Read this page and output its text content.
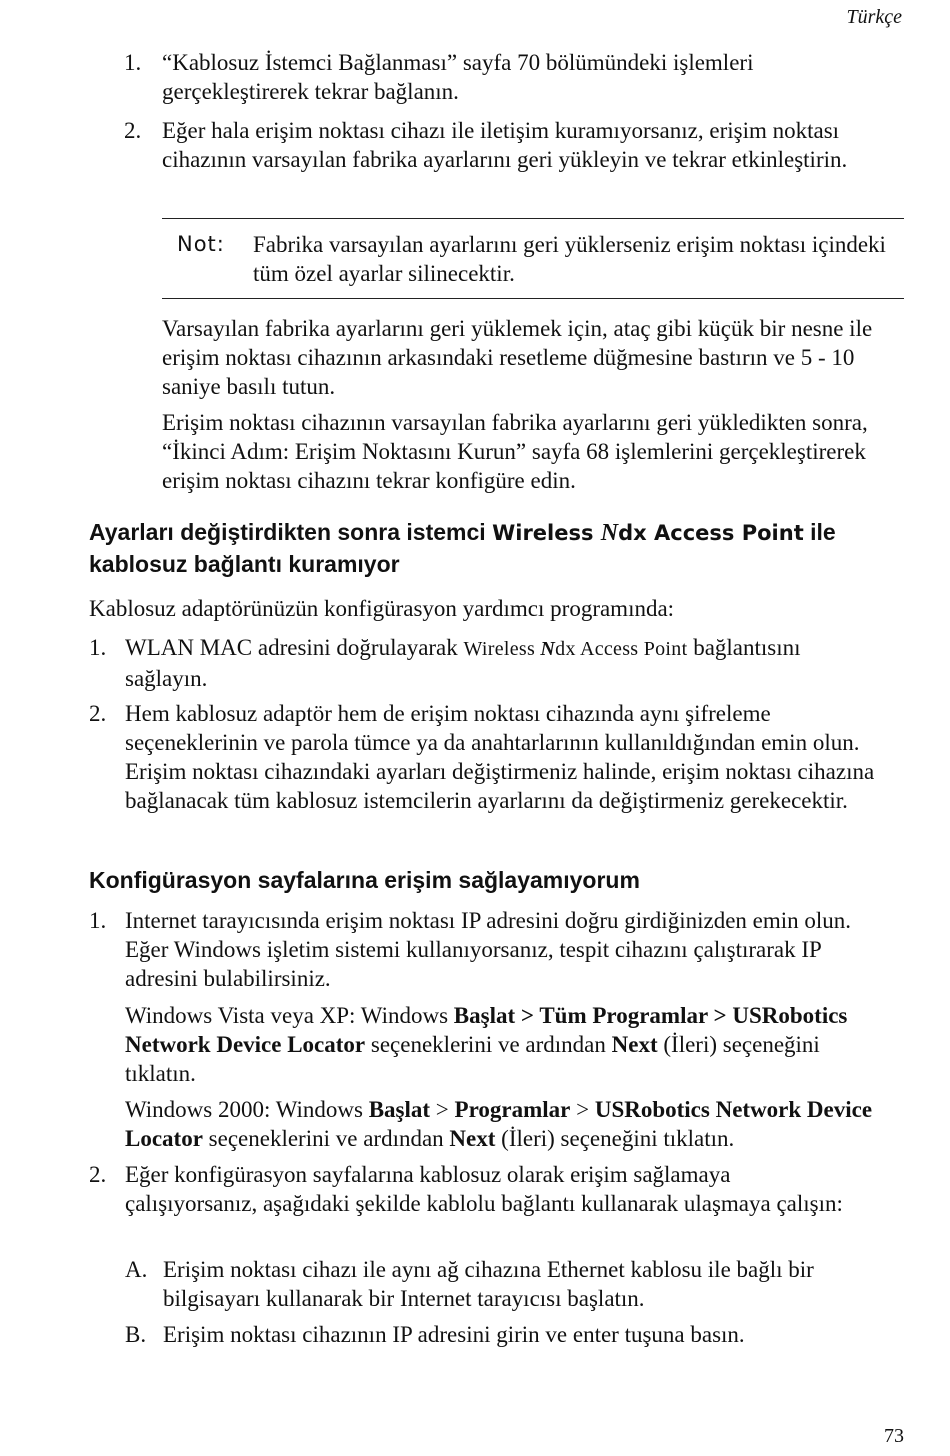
Türkçe
1. “Kablosuz İstemci Bağlanması” sayfa 70 bölümündeki işlemleri gerçekleştirerek tekrar bağlanın.
2. Eğer hala erişim noktası cihazı ile iletişim kuramıyorsanız, erişim noktası cihazının varsayılan fabrika ayarlarını geri yükleyin ve tekrar etkinleştirin.
Not: Fabrika varsayılan ayarlarını geri yüklerseniz erişim noktası içindeki tüm özel ayarlar silinecektir.
Varsayılan fabrika ayarlarını geri yüklemek için, ataç gibi küçük bir nesne ile erişim noktası cihazının arkasındaki resetleme düğmesine bastırın ve 5 - 10 saniye basılı tutun.
Erişim noktası cihazının varsayılan fabrika ayarlarını geri yükledikten sonra, “İkinci Adım: Erişim Noktasını Kurun” sayfa 68 işlemlerini gerçekleştirerek erişim noktası cihazını tekrar konfigüre edin.
Ayarları değiştirdikten sonra istemci Wireless Ndx Access Point ile kablosuz bağlantı kuramıyor
Kablosuz adaptörünüzün konfigürasyon yardımcı programında:
1. WLAN MAC adresini doğrulayarak Wireless Ndx Access Point bağlantısını sağlayın.
2. Hem kablosuz adaptör hem de erişim noktası cihazında aynı şifreleme seçeneklerinin ve parola tümce ya da anahtarlarının kullanıldığından emin olun. Erişim noktası cihazındaki ayarları değiştirmeniz halinde, erişim noktası cihazına bağlanacak tüm kablosuz istemcilerin ayarlarını da değiştirmeniz gerekecektir.
Konfigürasyon sayfalarına erişim sağlayamıyorum
1. Internet tarayıcısında erişim noktası IP adresini doğru girdiğinizden emin olun. Eğer Windows işletim sistemi kullanıyorsanız, tespit cihazını çalıştırarak IP adresini bulabilirsiniz.
Windows Vista veya XP: Windows Başlat > Tüm Programlar > USRobotics Network Device Locator seçeneklerini ve ardından Next (İleri) seçeneğini tıklatın.
Windows 2000: Windows Başlat > Programlar > USRobotics Network Device Locator seçeneklerini ve ardından Next (İleri) seçeneğini tıklatın.
2. Eğer konfigürasyon sayfalarına kablosuz olarak erişim sağlamaya çalışıyorsanız, aşağıdaki şekilde kablolu bağlantı kullanarak ulaşmaya çalışın:
A. Erişim noktası cihazı ile aynı ağ cihazına Ethernet kablosu ile bağlı bir bilgisayarı kullanarak bir Internet tarayıcısı başlatın.
B. Erişim noktası cihazının IP adresini girin ve enter tuşuna basın.
73
